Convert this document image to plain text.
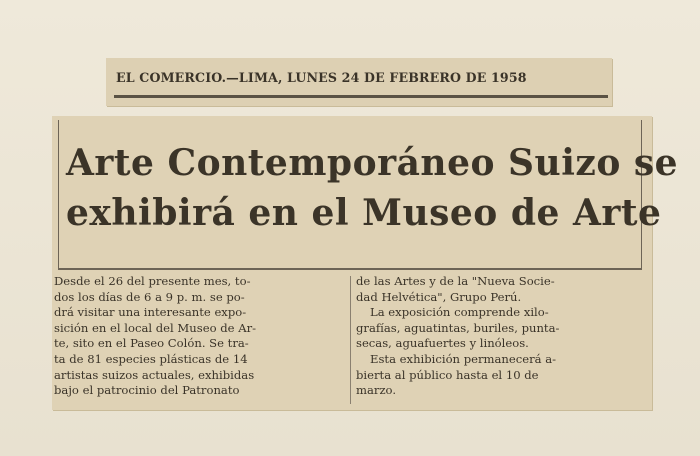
EL COMERCIO.—LIMA, LUNES 24 DE FEBRERO DE 1958
Arte Contemporáneo Suizo se
exhibirá en el Museo de Arte
Desde el 26 del presente mes, to-
dos los días de 6 a 9 p. m. se po-
drá visitar una interesante expo-
sición en el local del Museo de Ar-
te, sito en el Paseo Colón. Se tra-
ta de 81 especies plásticas de 14
artistas suizos actuales, exhibidas
bajo el patrocinio del Patronato
de las Artes y de la "Nueva Socie-
dad Helvética", Grupo Perú.
La exposición comprende xilo-
grafías, aguatintas, buriles, punta-
secas, aguafuertes y linóleos.
Esta exhibición permanecerá a-
bierta al público hasta el 10 de
marzo.
